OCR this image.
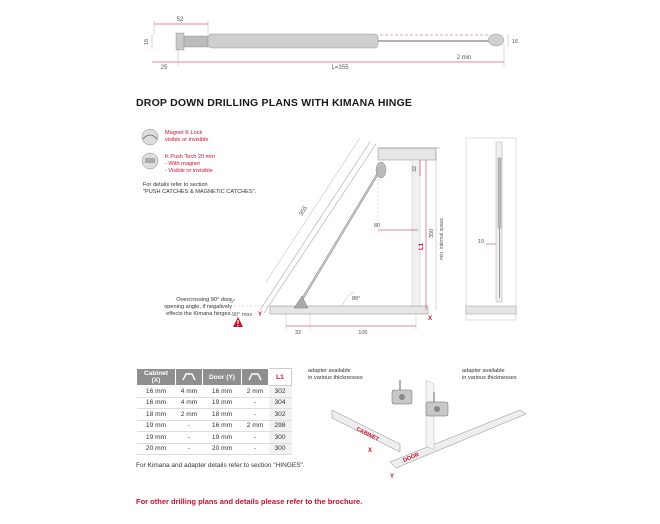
52
16	16
25	L=355
2 min
DROP DOWN DRILLING PLANS WITH KIMANA HINGE
Magnet K Lock
visible or invisible
K Push Tech 20 mm
- With magnet
- Visible or invisible
For details refer to section
"PUSH CATCHES & MAGNETIC CATCHES".
Overcrossing 90° door
opening angle, if negatively
effects the Kimana hinges.
355
32
80
L1
350 min. internal space
88°
5°
90° max Y
X
32	105
19
Cabinet (X)		Door (Y)		L1
16 mm	4 mm	16 mm	2 mm	302
16 mm	4 mm	19 mm	-	304
18 mm	2 mm	18 mm	-	302
19 mm	-	16 mm	2 mm	298
19 mm	-	19 mm	-	300
20 mm	-	20 mm	-	300
For Kimana and adapter details refer to section "HINGES".
adapter available
in various thicknesses
adapter available
in various thicknesses
CABINET
DOOR
X
Y
For other drilling plans and details please refer to the brochure.
